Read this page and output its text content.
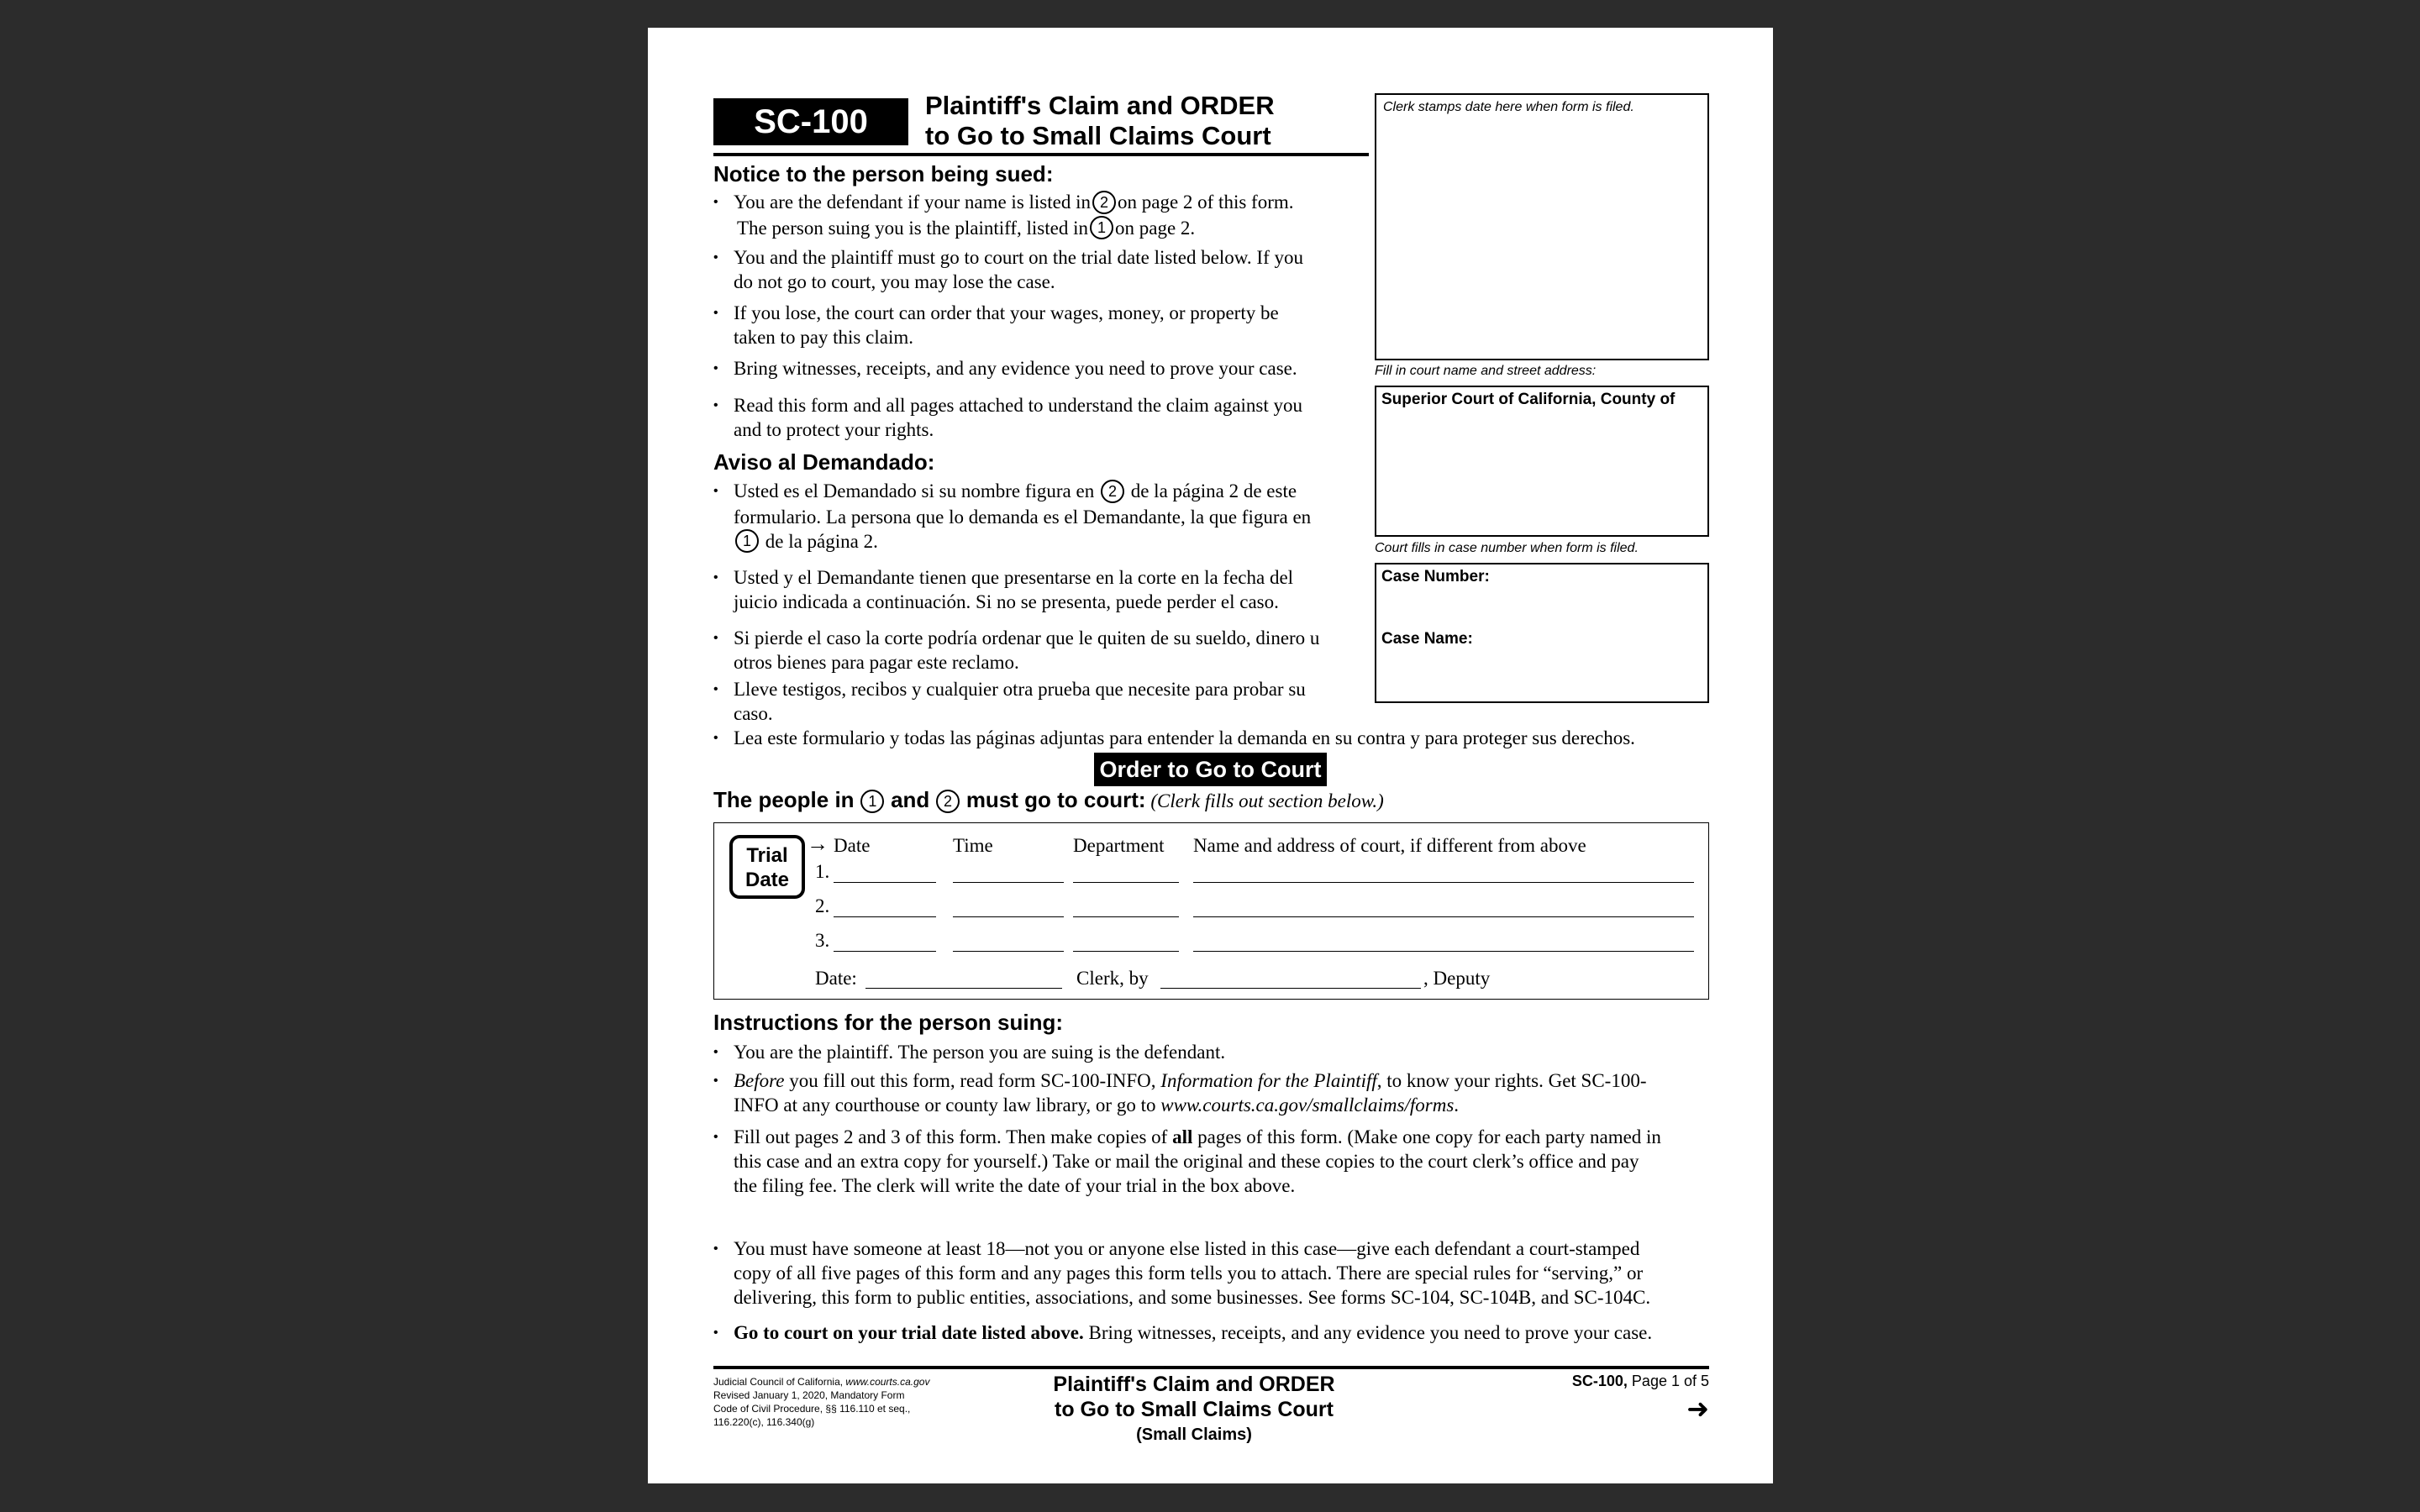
SC-100	Plaintiff's Claim and ORDER
to Go to Small Claims Court
Clerk stamps date here when form is filed.
Fill in court name and street address:
Superior Court of California, County of
Court fills in case number when form is filed.
Case Number:
Case Name:
Notice to the person being sued:
• You are the defendant if your name is listed in 2 on page 2 of this form.
The person suing you is the plaintiff, listed in 1 on page 2.
• You and the plaintiff must go to court on the trial date listed below. If you
do not go to court, you may lose the case.
• If you lose, the court can order that your wages, money, or property be
taken to pay this claim.
• Bring witnesses, receipts, and any evidence you need to prove your case.
• Read this form and all pages attached to understand the claim against you
and to protect your rights.
Aviso al Demandado:
• Usted es el Demandado si su nombre figura en 2 de la página 2 de este
formulario. La persona que lo demanda es el Demandante, la que figura en
1 de la página 2.
• Usted y el Demandante tienen que presentarse en la corte en la fecha del
juicio indicada a continuación. Si no se presenta, puede perder el caso.
• Si pierde el caso la corte podría ordenar que le quiten de su sueldo, dinero u
otros bienes para pagar este reclamo.
• Lleve testigos, recibos y cualquier otra prueba que necesite para probar su
caso.
• Lea este formulario y todas las páginas adjuntas para entender la demanda en su contra y para proteger sus derechos.
Order to Go to Court
The people in 1 and 2 must go to court: (Clerk fills out section below.)
Trial
Date
→ Date	Time	Department Name and address of court, if different from above
1.
2.
3.
Date:	Clerk, by	, Deputy
Instructions for the person suing:
• You are the plaintiff. The person you are suing is the defendant.
• Before you fill out this form, read form SC-100-INFO, Information for the Plaintiff, to know your rights. Get SC-100-
INFO at any courthouse or county law library, or go to www.courts.ca.gov/smallclaims/forms.
• Fill out pages 2 and 3 of this form. Then make copies of all pages of this form. (Make one copy for each party named in
this case and an extra copy for yourself.) Take or mail the original and these copies to the court clerk’s office and pay
the filing fee. The clerk will write the date of your trial in the box above.
• You must have someone at least 18—not you or anyone else listed in this case—give each defendant a court-stamped
copy of all five pages of this form and any pages this form tells you to attach. There are special rules for “serving,” or
delivering, this form to public entities, associations, and some businesses. See forms SC-104, SC-104B, and SC-104C.
• Go to court on your trial date listed above. Bring witnesses, receipts, and any evidence you need to prove your case.
Judicial Council of California, www.courts.ca.gov
Revised January 1, 2020, Mandatory Form
Code of Civil Procedure, §§ 116.110 et seq.,
116.220(c), 116.340(g)
Plaintiff's Claim and ORDER
to Go to Small Claims Court
(Small Claims)
SC-100, Page 1 of 5
➜
